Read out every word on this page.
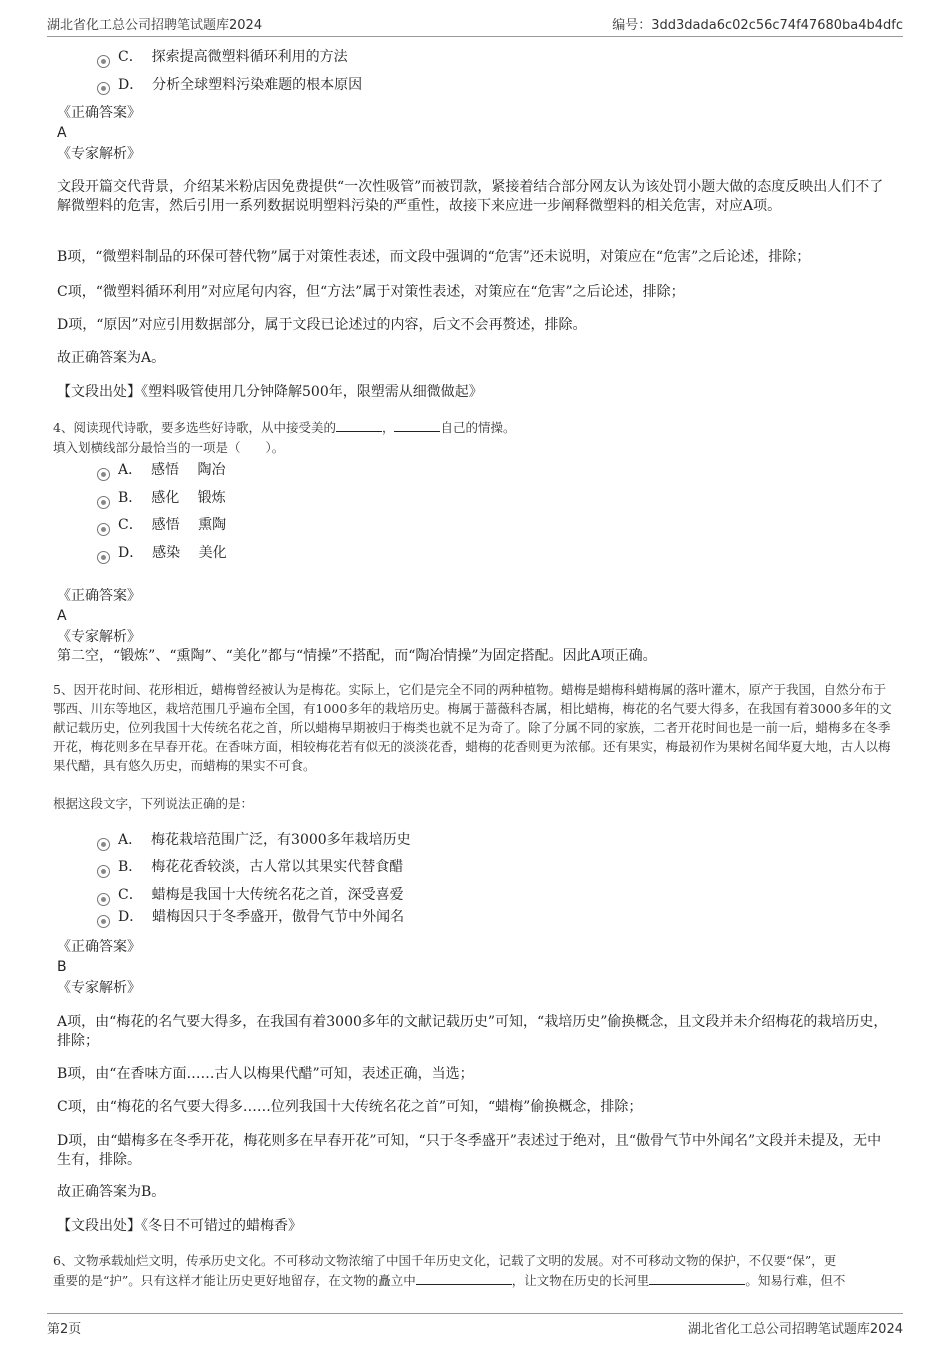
湖北省化工总公司招聘笔试题库2024	编号：3dd3dada6c02c56c74f47680ba4b4dfc
C． 探索提高微塑料循环利用的方法
D． 分析全球塑料污染难题的根本原因
《正确答案》
A
《专家解析》
文段开篇交代背景，介绍某米粉店因免费提供“一次性吸管”而被罚款，紧接着结合部分网友认为该处罚小题大做的态度反映出人们不了解微塑料的危害，然后引用一系列数据说明塑料污染的严重性，故接下来应进一步阐释微塑料的相关危害，对应A项。
B项，“微塑料制品的环保可替代物”属于对策性表述，而文段中强调的“危害”还未说明，对策应在“危害”之后论述，排除；
C项，“微塑料循环利用”对应尾句内容，但“方法”属于对策性表述，对策应在“危害”之后论述，排除；
D项，“原因”对应引用数据部分，属于文段已论述过的内容，后文不会再赘述，排除。
故正确答案为A。
【文段出处】《塑料吸管使用几分钟降解500年，限塑需从细微做起》
4、阅读现代诗歌，要多选些好诗歌，从中接受美的	，	自己的情操。
填入划横线部分最恰当的一项是（　　）。
A． 感悟　 陶冶
B． 感化　 锻炼
C． 感悟　 熏陶
D． 感染　 美化
《正确答案》
A
《专家解析》
第二空，“锻炼”、“熏陶”、“美化”都与“情操”不搭配，而“陶冶情操”为固定搭配。因此A项正确。
5、因开花时间、花形相近，蜡梅曾经被认为是梅花。实际上，它们是完全不同的两种植物。蜡梅是蜡梅科蜡梅属的落叶灌木，原产于我国，自然分布于鄂西、川东等地区，栽培范围几乎遍布全国，有1000多年的栽培历史。梅属于蔷薇科杏属，相比蜡梅，梅花的名气要大得多，在我国有着3000多年的文献记载历史，位列我国十大传统名花之首，所以蜡梅早期被归于梅类也就不足为奇了。除了分属不同的家族，二者开花时间也是一前一后，蜡梅多在冬季开花，梅花则多在早春开花。在香味方面，相较梅花若有似无的淡淡花香，蜡梅的花香则更为浓郁。还有果实，梅最初作为果树名闻华夏大地，古人以梅果代醋，具有悠久历史，而蜡梅的果实不可食。
根据这段文字，下列说法正确的是：
A． 梅花栽培范围广泛，有3000多年栽培历史
B． 梅花花香较淡，古人常以其果实代替食醋
C． 蜡梅是我国十大传统名花之首，深受喜爱
D． 蜡梅因只于冬季盛开，傲骨气节中外闻名
《正确答案》
B
《专家解析》
A项，由“梅花的名气要大得多，在我国有着3000多年的文献记载历史”可知，“栽培历史”偷换概念，且文段并未介绍梅花的栽培历史，排除；
B项，由“在香味方面……古人以梅果代醋”可知，表述正确，当选；
C项，由“梅花的名气要大得多……位列我国十大传统名花之首”可知，“蜡梅”偷换概念，排除；
D项，由“蜡梅多在冬季开花，梅花则多在早春开花”可知，“只于冬季盛开”表述过于绝对，且“傲骨气节中外闻名”文段并未提及，无中生有，排除。
故正确答案为B。
【文段出处】《冬日不可错过的蜡梅香》
6、文物承载灿烂文明，传承历史文化。不可移动文物浓缩了中国千年历史文化，记载了文明的发展。对不可移动文物的保护，不仅要“保”，更
重要的是“护”。只有这样才能让历史更好地留存，在文物的矗立中	，让文物在历史的长河里	。知易行难，但不
第2页	湖北省化工总公司招聘笔试题库2024
